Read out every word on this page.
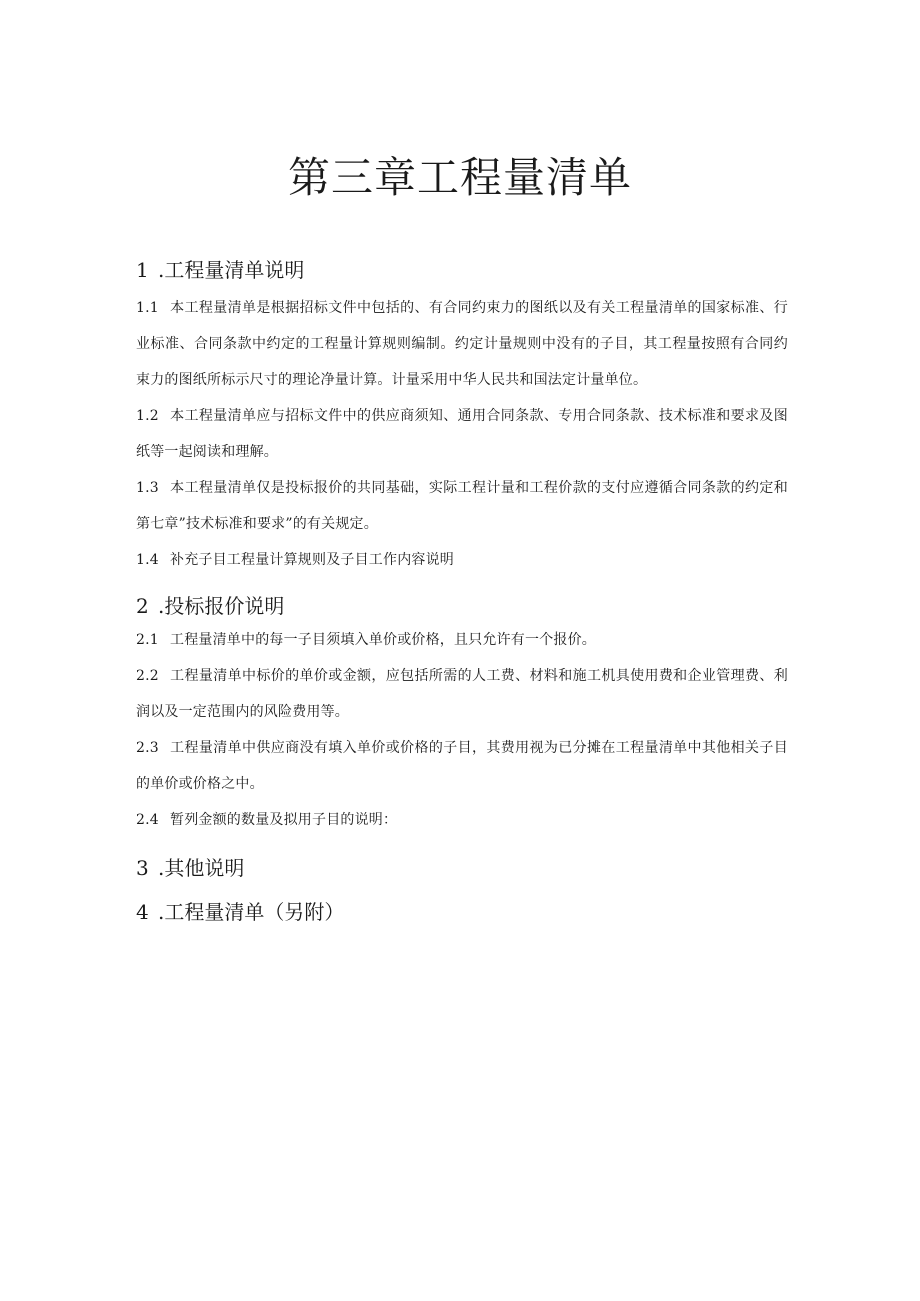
第三章工程量清单
1 .工程量清单说明

1.1 本工程量清单是根据招标文件中包括的、有合同约束力的图纸以及有关工程量清单的国家标准、行业标准、合同条款中约定的工程量计算规则编制。约定计量规则中没有的子目，其工程量按照有合同约束力的图纸所标示尺寸的理论净量计算。计量采用中华人民共和国法定计量单位。

1.2 本工程量清单应与招标文件中的供应商须知、通用合同条款、专用合同条款、技术标准和要求及图纸等一起阅读和理解。

1.3 本工程量清单仅是投标报价的共同基础，实际工程计量和工程价款的支付应遵循合同条款的约定和第七章”技术标准和要求”的有关规定。

1.4 补充子目工程量计算规则及子目工作内容说明

2 .投标报价说明

2.1 工程量清单中的每一子目须填入单价或价格，且只允许有一个报价。

2.2 工程量清单中标价的单价或金额，应包括所需的人工费、材料和施工机具使用费和企业管理费、利润以及一定范围内的风险费用等。

2.3 工程量清单中供应商没有填入单价或价格的子目，其费用视为已分摊在工程量清单中其他相关子目的单价或价格之中。

2.4 暂列金额的数量及拟用子目的说明：

3 .其他说明
4 .工程量清单（另附）
